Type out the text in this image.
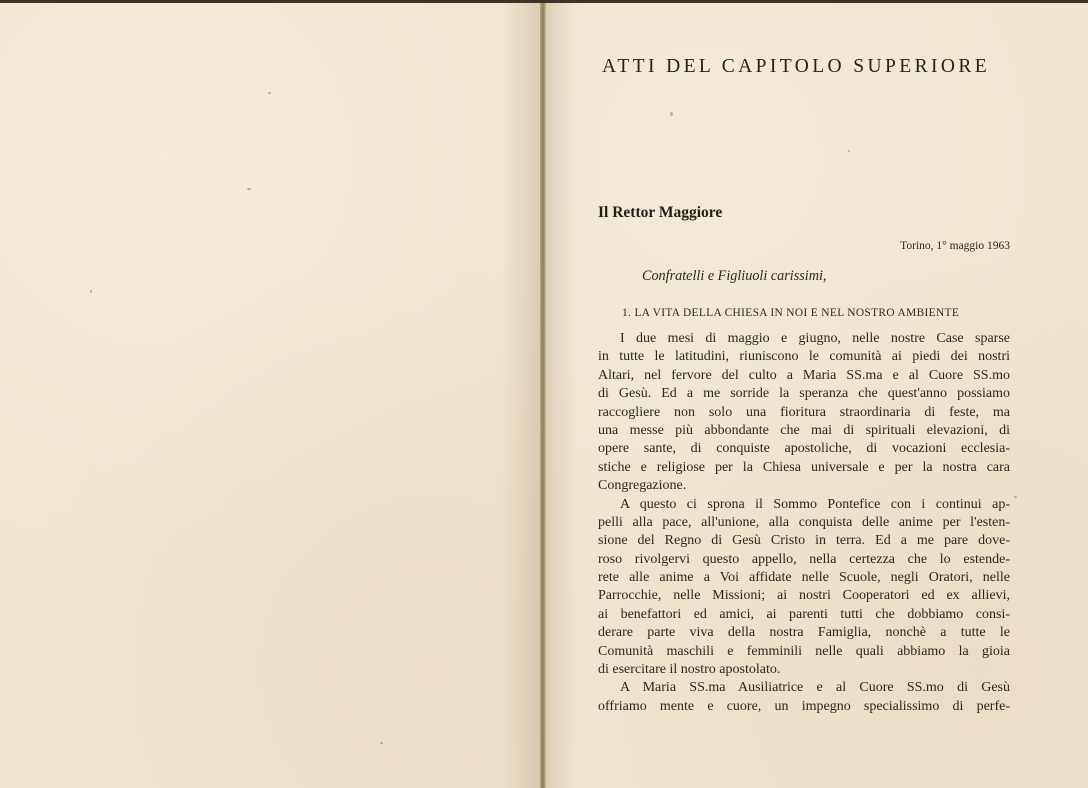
ATTI DEL CAPITOLO SUPERIORE
Il Rettor Maggiore
Torino, 1° maggio 1963
Confratelli e Figliuoli carissimi,
1. LA VITA DELLA CHIESA IN NOI E NEL NOSTRO AMBIENTE
I due mesi di maggio e giugno, nelle nostre Case sparse
in tutte le latitudini, riuniscono le comunità ai piedi dei nostri
Altari, nel fervore del culto a Maria SS.ma e al Cuore SS.mo
di Gesù. Ed a me sorride la speranza che quest'anno possiamo
raccogliere non solo una fioritura straordinaria di feste, ma
una messe più abbondante che mai di spirituali elevazioni, di
opere sante, di conquiste apostoliche, di vocazioni ecclesia-
stiche e religiose per la Chiesa universale e per la nostra cara
Congregazione.
A questo ci sprona il Sommo Pontefice con i continui ap-
pelli alla pace, all'unione, alla conquista delle anime per l'esten-
sione del Regno di Gesù Cristo in terra. Ed a me pare dove-
roso rivolgervi questo appello, nella certezza che lo estende-
rete alle anime a Voi affidate nelle Scuole, negli Oratori, nelle
Parrocchie, nelle Missioni; ai nostri Cooperatori ed ex allievi,
ai benefattori ed amici, ai parenti tutti che dobbiamo consi-
derare parte viva della nostra Famiglia, nonchè a tutte le
Comunità maschili e femminili nelle quali abbiamo la gioia
di esercitare il nostro apostolato.
A Maria SS.ma Ausiliatrice e al Cuore SS.mo di Gesù
offriamo mente e cuore, un impegno specialissimo di perfe-
